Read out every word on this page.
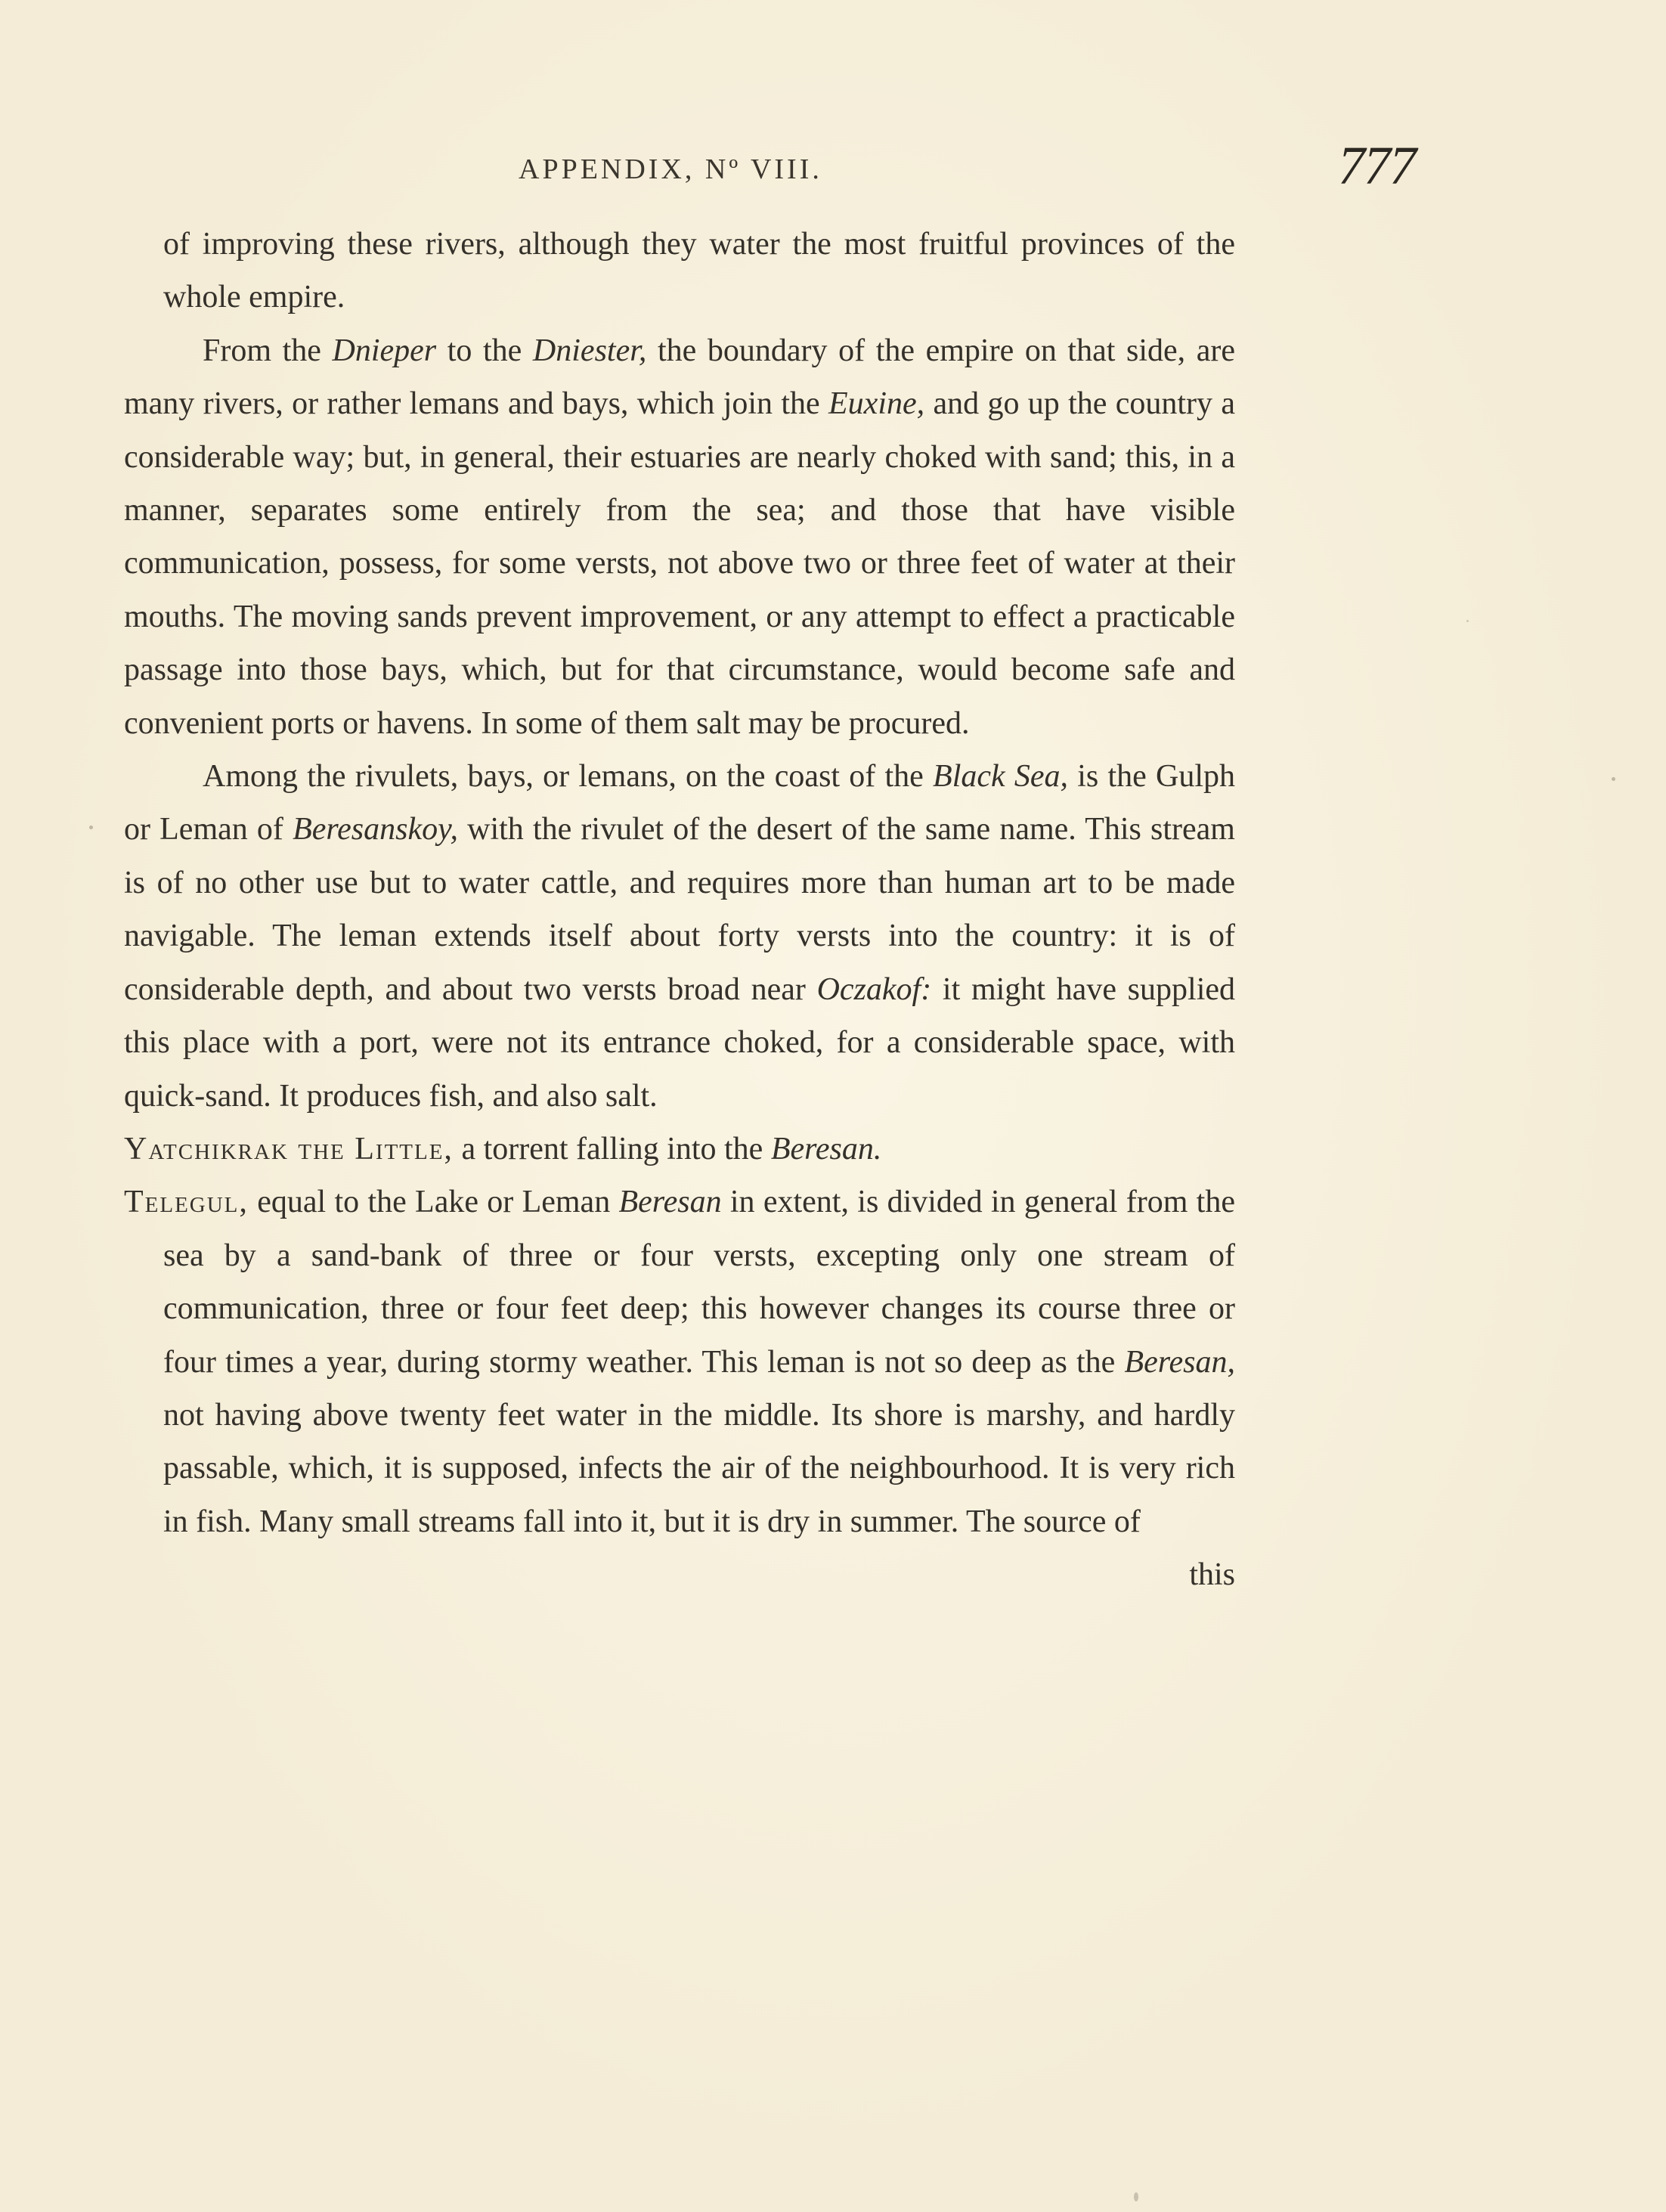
APPENDIX, Nº VIII.	777

of improving these rivers, although they water the most fruitful provinces of the whole empire.

From the Dnieper to the Dniester, the boundary of the empire on that side, are many rivers, or rather lemans and bays, which join the Euxine, and go up the country a considerable way; but, in general, their estuaries are nearly choked with sand; this, in a manner, separates some entirely from the sea; and those that have visible communication, possess, for some versts, not above two or three feet of water at their mouths. The moving sands prevent improvement, or any attempt to effect a practicable passage into those bays, which, but for that circumstance, would become safe and convenient ports or havens. In some of them salt may be procured.

Among the rivulets, bays, or lemans, on the coast of the Black Sea, is the Gulph or Leman of Beresanskoy, with the rivulet of the desert of the same name. This stream is of no other use but to water cattle, and requires more than human art to be made navigable. The leman extends itself about forty versts into the country: it is of considerable depth, and about two versts broad near Oczakof: it might have supplied this place with a port, were not its entrance choked, for a considerable space, with quick-sand. It produces fish, and also salt.

Yatchikrak the Little, a torrent falling into the Beresan.

Telegul, equal to the Lake or Leman Beresan in extent, is divided in general from the sea by a sand-bank of three or four versts, excepting only one stream of communication, three or four feet deep; this however changes its course three or four times a year, during stormy weather. This leman is not so deep as the Beresan, not having above twenty feet water in the middle. Its shore is marshy, and hardly passable, which, it is supposed, infects the air of the neighbourhood. It is very rich in fish. Many small streams fall into it, but it is dry in summer. The source of

this
